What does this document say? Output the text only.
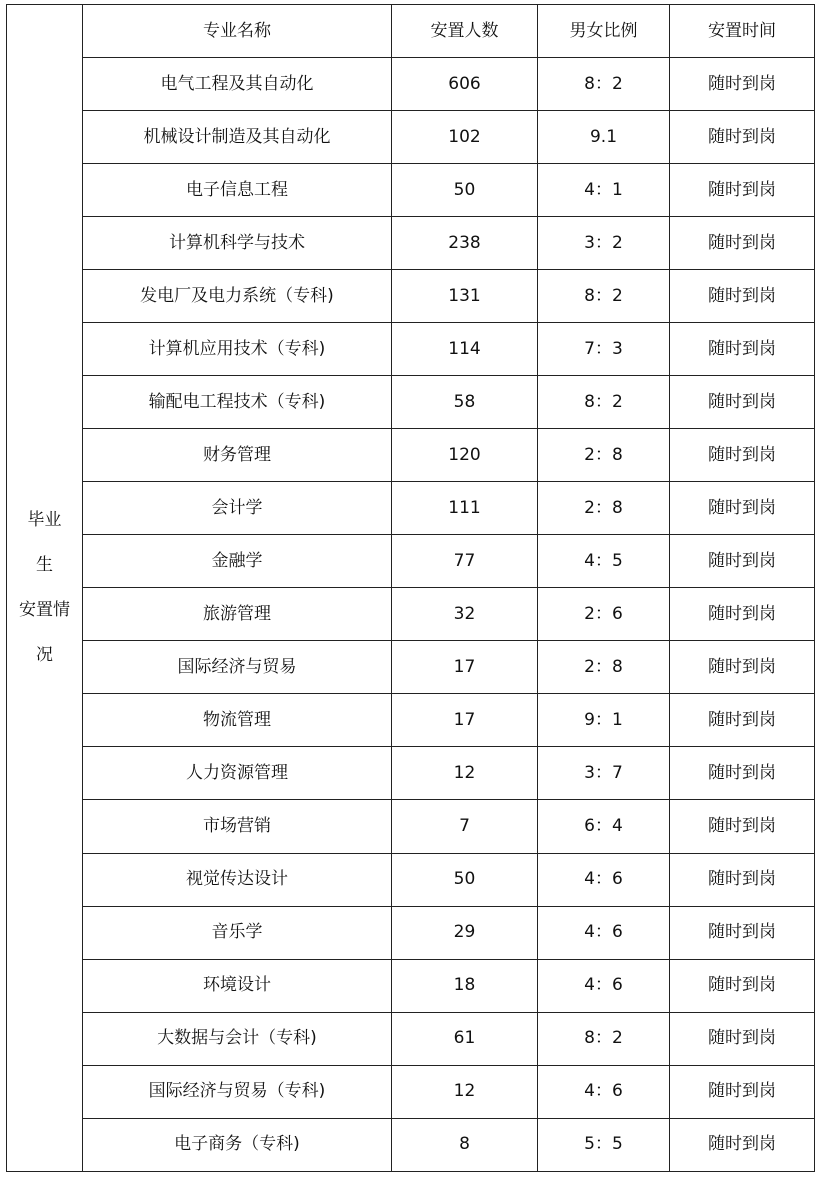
毕业
生
安置情
况	专业名称	安置人数	男女比例	安置时间
	电气工程及其自动化	606	8：2	随时到岗
	机械设计制造及其自动化	102	9.1	随时到岗
	电子信息工程	50	4：1	随时到岗
	计算机科学与技术	238	3：2	随时到岗
	发电厂及电力系统（专科)	131	8：2	随时到岗
	计算机应用技术（专科)	114	7：3	随时到岗
	输配电工程技术（专科)	58	8：2	随时到岗
	财务管理	120	2：8	随时到岗
	会计学	111	2：8	随时到岗
	金融学	77	4：5	随时到岗
	旅游管理	32	2：6	随时到岗
	国际经济与贸易	17	2：8	随时到岗
	物流管理	17	9：1	随时到岗
	人力资源管理	12	3：7	随时到岗
	市场营销	7	6：4	随时到岗
	视觉传达设计	50	4：6	随时到岗
	音乐学	29	4：6	随时到岗
	环境设计	18	4：6	随时到岗
	大数据与会计（专科)	61	8：2	随时到岗
	国际经济与贸易（专科)	12	4：6	随时到岗
	电子商务（专科)	8	5：5	随时到岗
